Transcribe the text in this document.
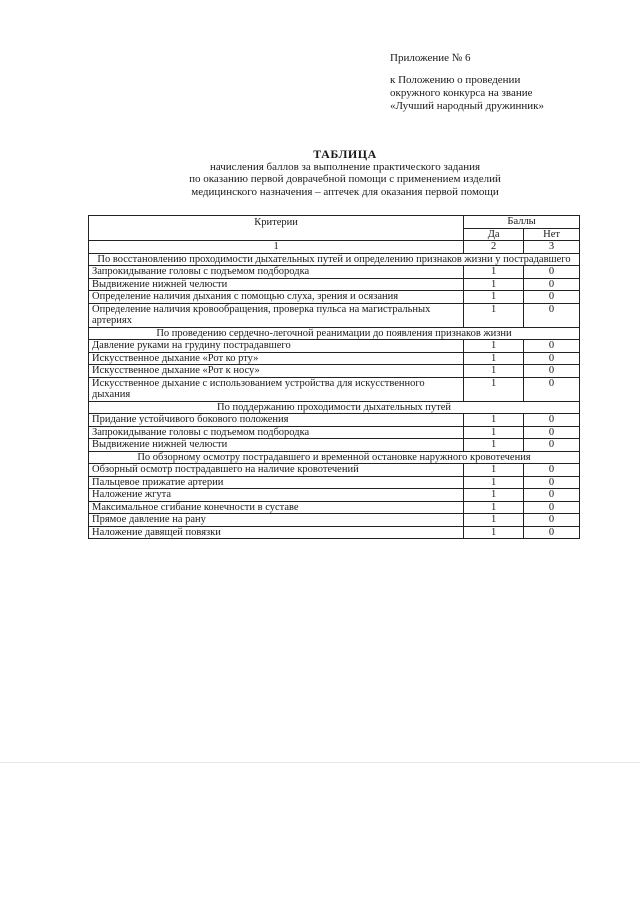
Приложение № 6
к Положению о проведении
окружного конкурса на звание
«Лучший народный дружинник»
ТАБЛИЦА
начисления баллов за выполнение практического задания
по оказанию первой доврачебной помощи с применением изделий
медицинского назначения – аптечек для оказания первой помощи
Критерии	Баллы	
	Да	Нет
1	2	3
По восстановлению проходимости дыхательных путей и определению признаков жизни у пострадавшего		
Запрокидывание головы с подъемом подбородка	1	0
Выдвижение нижней челюсти	1	0
Определение наличия дыхания с помощью слуха, зрения и осязания	1	0
Определение наличия кровообращения, проверка пульса на магистральных артериях	1	0
По проведению сердечно-легочной реанимации до появления признаков жизни		
Давление руками на грудину пострадавшего	1	0
Искусственное дыхание «Рот ко рту»	1	0
Искусственное дыхание «Рот к носу»	1	0
Искусственное дыхание с использованием устройства для искусственного дыхания	1	0
По поддержанию проходимости дыхательных путей		
Придание устойчивого бокового положения	1	0
Запрокидывание головы с подъемом подбородка	1	0
Выдвижение нижней челюсти	1	0
По обзорному осмотру пострадавшего и временной остановке наружного кровотечения		
Обзорный осмотр пострадавшего на наличие кровотечений	1	0
Пальцевое прижатие артерии	1	0
Наложение жгута	1	0
Максимальное сгибание конечности в суставе	1	0
Прямое давление на рану	1	0
Наложение давящей повязки	1	0
